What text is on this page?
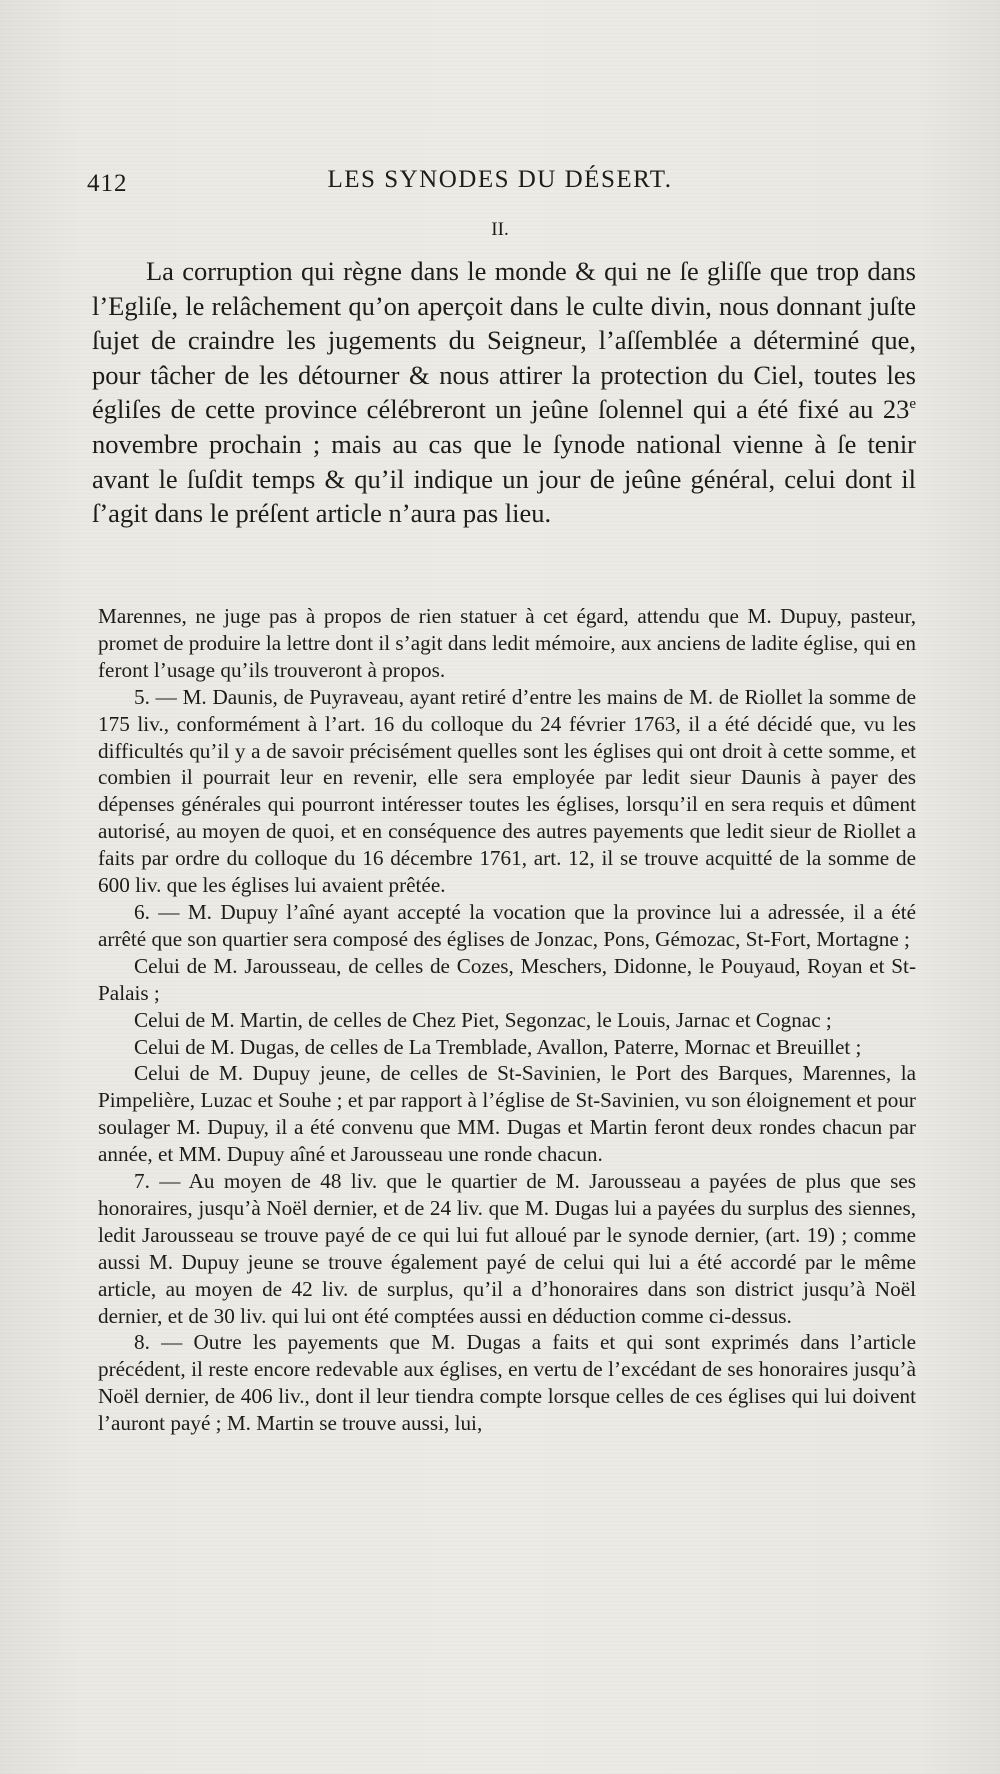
412	LES SYNODES DU DÉSERT.
II.

La corruption qui règne dans le monde & qui ne ſe gliſſe que trop dans l’Egliſe, le relâchement qu’on aperçoit dans le culte divin, nous donnant juſte ſujet de craindre les jugements du Seigneur, l’aſſemblée a déterminé que, pour tâcher de les détourner & nous attirer la protection du Ciel, toutes les égliſes de cette province célébreront un jeûne ſolennel qui a été fixé au 23e novembre prochain ; mais au cas que le ſynode national vienne à ſe tenir avant le ſuſdit temps & qu’il indique un jour de jeûne général, celui dont il ſ’agit dans le préſent article n’aura pas lieu.

Marennes, ne juge pas à propos de rien statuer à cet égard, attendu que M. Dupuy, pasteur, promet de produire la lettre dont il s’agit dans ledit mémoire, aux anciens de ladite église, qui en feront l’usage qu’ils trouveront à propos.

5. — M. Daunis, de Puyraveau, ayant retiré d’entre les mains de M. de Riollet la somme de 175 liv., conformément à l’art. 16 du colloque du 24 février 1763, il a été décidé que, vu les difficultés qu’il y a de savoir précisément quelles sont les églises qui ont droit à cette somme, et combien il pourrait leur en revenir, elle sera employée par ledit sieur Daunis à payer des dépenses générales qui pourront intéresser toutes les églises, lorsqu’il en sera requis et dûment autorisé, au moyen de quoi, et en conséquence des autres payements que ledit sieur de Riollet a faits par ordre du colloque du 16 décembre 1761, art. 12, il se trouve acquitté de la somme de 600 liv. que les églises lui avaient prêtée.

6. — M. Dupuy l’aîné ayant accepté la vocation que la province lui a adressée, il a été arrêté que son quartier sera composé des églises de Jonzac, Pons, Gémozac, St-Fort, Mortagne ;

Celui de M. Jarousseau, de celles de Cozes, Meschers, Didonne, le Pouyaud, Royan et St-Palais ;

Celui de M. Martin, de celles de Chez Piet, Segonzac, le Louis, Jarnac et Cognac ;

Celui de M. Dugas, de celles de La Tremblade, Avallon, Paterre, Mornac et Breuillet ;

Celui de M. Dupuy jeune, de celles de St-Savinien, le Port des Barques, Marennes, la Pimpelière, Luzac et Souhe ; et par rapport à l’église de St-Savinien, vu son éloignement et pour soulager M. Dupuy, il a été convenu que MM. Dugas et Martin feront deux rondes chacun par année, et MM. Dupuy aîné et Jarousseau une ronde chacun.

7. — Au moyen de 48 liv. que le quartier de M. Jarousseau a payées de plus que ses honoraires, jusqu’à Noël dernier, et de 24 liv. que M. Dugas lui a payées du surplus des siennes, ledit Jarousseau se trouve payé de ce qui lui fut alloué par le synode dernier, (art. 19) ; comme aussi M. Dupuy jeune se trouve également payé de celui qui lui a été accordé par le même article, au moyen de 42 liv. de surplus, qu’il a d’honoraires dans son district jusqu’à Noël dernier, et de 30 liv. qui lui ont été comptées aussi en déduction comme ci-dessus.

8. — Outre les payements que M. Dugas a faits et qui sont exprimés dans l’article précédent, il reste encore redevable aux églises, en vertu de l’excédant de ses honoraires jusqu’à Noël dernier, de 406 liv., dont il leur tiendra compte lorsque celles de ces églises qui lui doivent l’auront payé ; M. Martin se trouve aussi, lui,
